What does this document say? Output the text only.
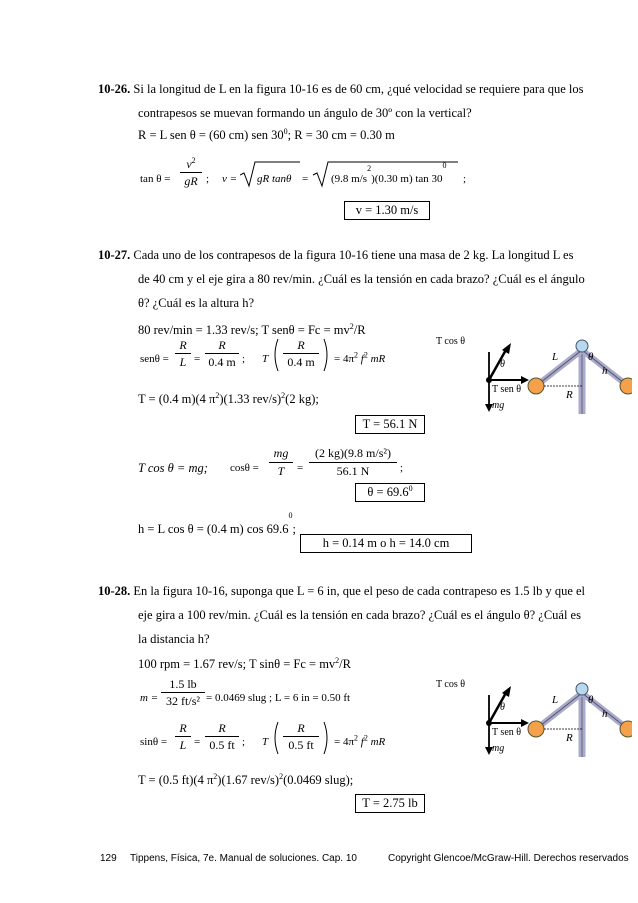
10-26. Si la longitud de L en la figura 10-16 es de 60 cm, ¿qué velocidad se requiere para que los
contrapesos se muevan formando un ángulo de 30º con la vertical?
R = L sen θ = (60 cm) sen $30^0$; R = 30 cm = 0.30 m
tan θ =
$v^2$
gR ; v = gR tanθ = (9.8 $m/s^2)(0.30$ m) $\tan 30^0$
;
v = 1.30 m/s
10-27. Cada uno de los contrapesos de la figura 10-16 tiene una masa de 2 kg. La longitud L es
de 40 cm y el eje gira a 80 rev/min. ¿Cuál es la tensión en cada brazo? ¿Cuál es el ángulo
θ? ¿Cuál es la altura h?
80 rev/min = 1.33 rev/s; T $sen\theta = Fc = mv^2/R$
senθ =
R
L =
R
0.4 m ; T
R
0.4 m	= $4\pi^2$ $f^2$ mR
T = (0.4 m)(4 $\pi^2)(1.33$ rev/s)$^2$(2 kg);
T = 56.1 N
T cos θ = mg; cosθ =
mg
T	=
(2 kg)(9.8 m/s²)
56.1 N	;
$\theta = 69.6^0$
h = L cos θ = (0.4 m) cos 69.6$^0$;
h = 0.14 m o h = 14.0 cm
10-28. En la figura 10-16, suponga que L = 6 in, que el peso de cada contrapeso es 1.5 lb y que el
eje gira a 100 rev/min. ¿Cuál es la tensión en cada brazo? ¿Cuál es el ángulo θ? ¿Cuál es
la distancia h?
100 rpm = 1.67 rev/s; T $\sin\theta = Fc = mv^2/R$
m =
1.5 lb
32 ft/s² = 0.0469 slug ; L = 6 in = 0.50 ft
sinθ =
R
L =
R
0.5 ft ; T
R
0.5 ft	= $4\pi^2$ $f^2$ mR
T = (0.5 ft)(4 $\pi^2)(1.67$ rev/s)$^2$(0.0469 slug);
T = 2.75 lb
T cos θ
θ
T sen θ
mg
L	θ
h
R
T cos θ
θ
T sen θ
mg
L	θ
h
R
129 Tippens, Física, 7e. Manual de soluciones. Cap. 10	Copyright Glencoe/McGraw-Hill. Derechos reservados
